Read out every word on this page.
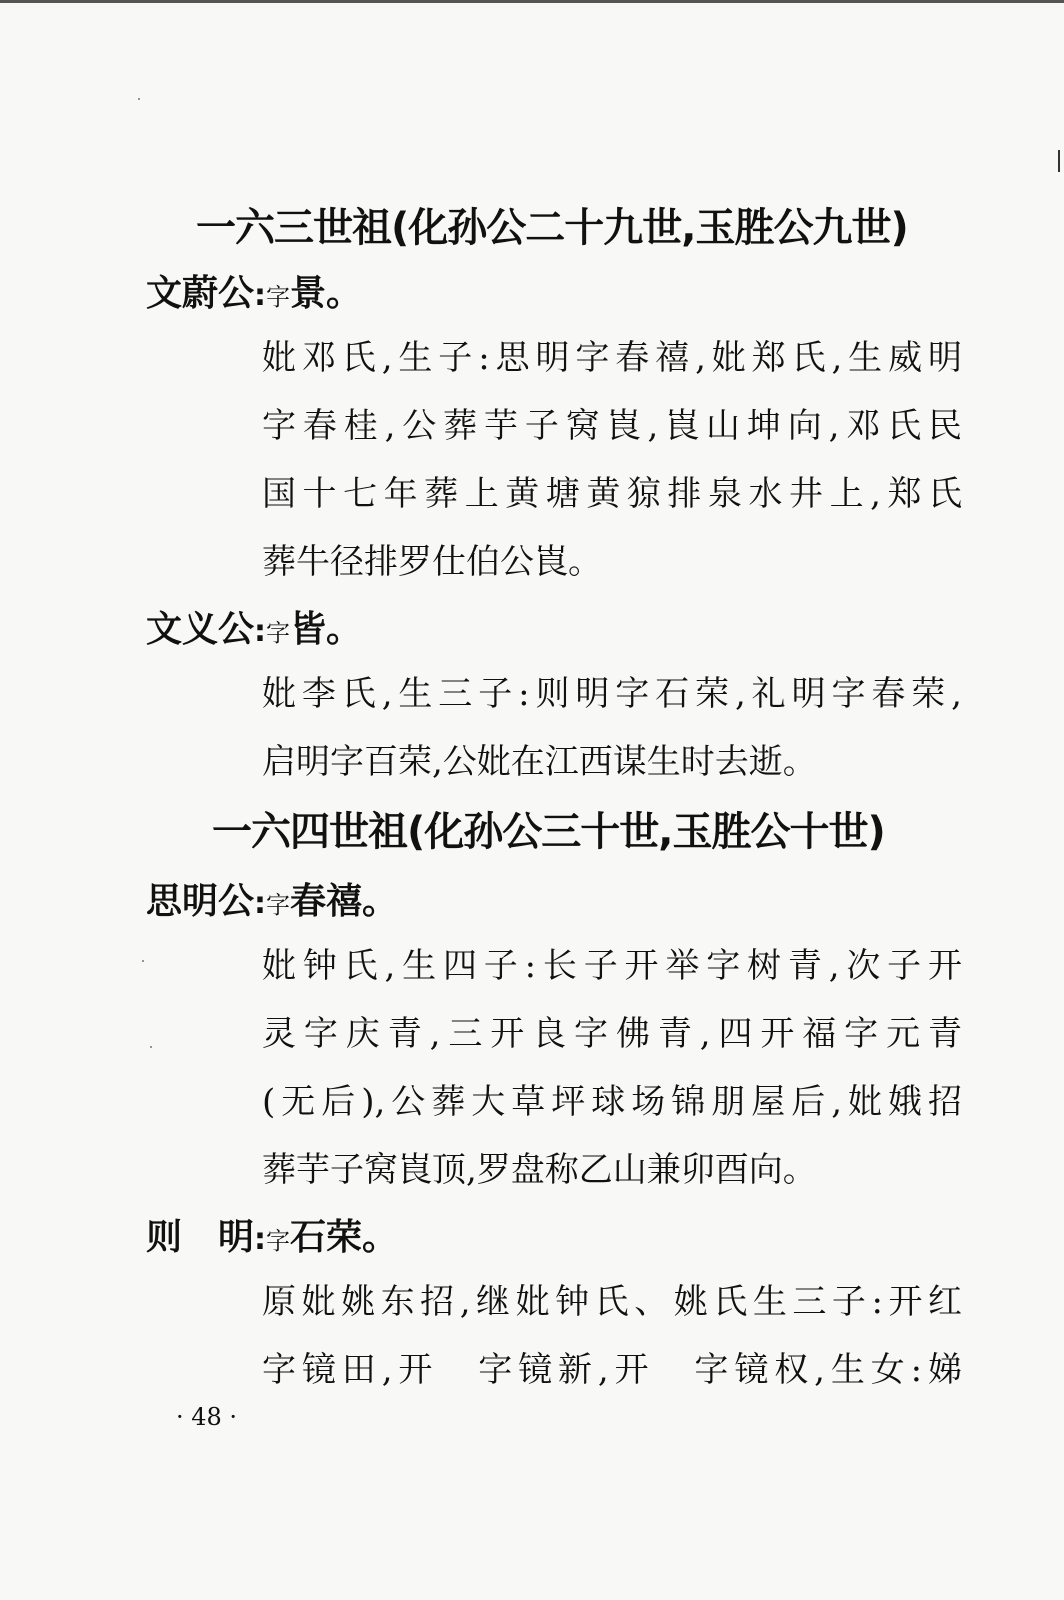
一六三世祖(化孙公二十九世,玉胜公九世)
文蔚公:字景。
妣邓氏,生子:思明字春禧,妣郑氏,生威明
字春桂,公葬芋子窝崀,崀山坤向,邓氏民
国十七年葬上黄塘黄猄排泉水井上,郑氏
葬牛径排罗仕伯公崀。
文义公:字皆。
妣李氏,生三子:则明字石荣,礼明字春荣,
启明字百荣,公妣在江西谋生时去逝。
一六四世祖(化孙公三十世,玉胜公十世)
思明公:字春禧。
妣钟氏,生四子:长子开举字树青,次子开
灵字庆青,三开良字佛青,四开福字元青
(无后),公葬大草坪球场锦朋屋后,妣娥招
葬芋子窝崀顶,罗盘称乙山兼卯酉向。
则　明:字石荣。
原妣姚东招,继妣钟氏、姚氏生三子:开红
字镜田,开　字镜新,开　字镜权,生女:娣
· 48 ·
